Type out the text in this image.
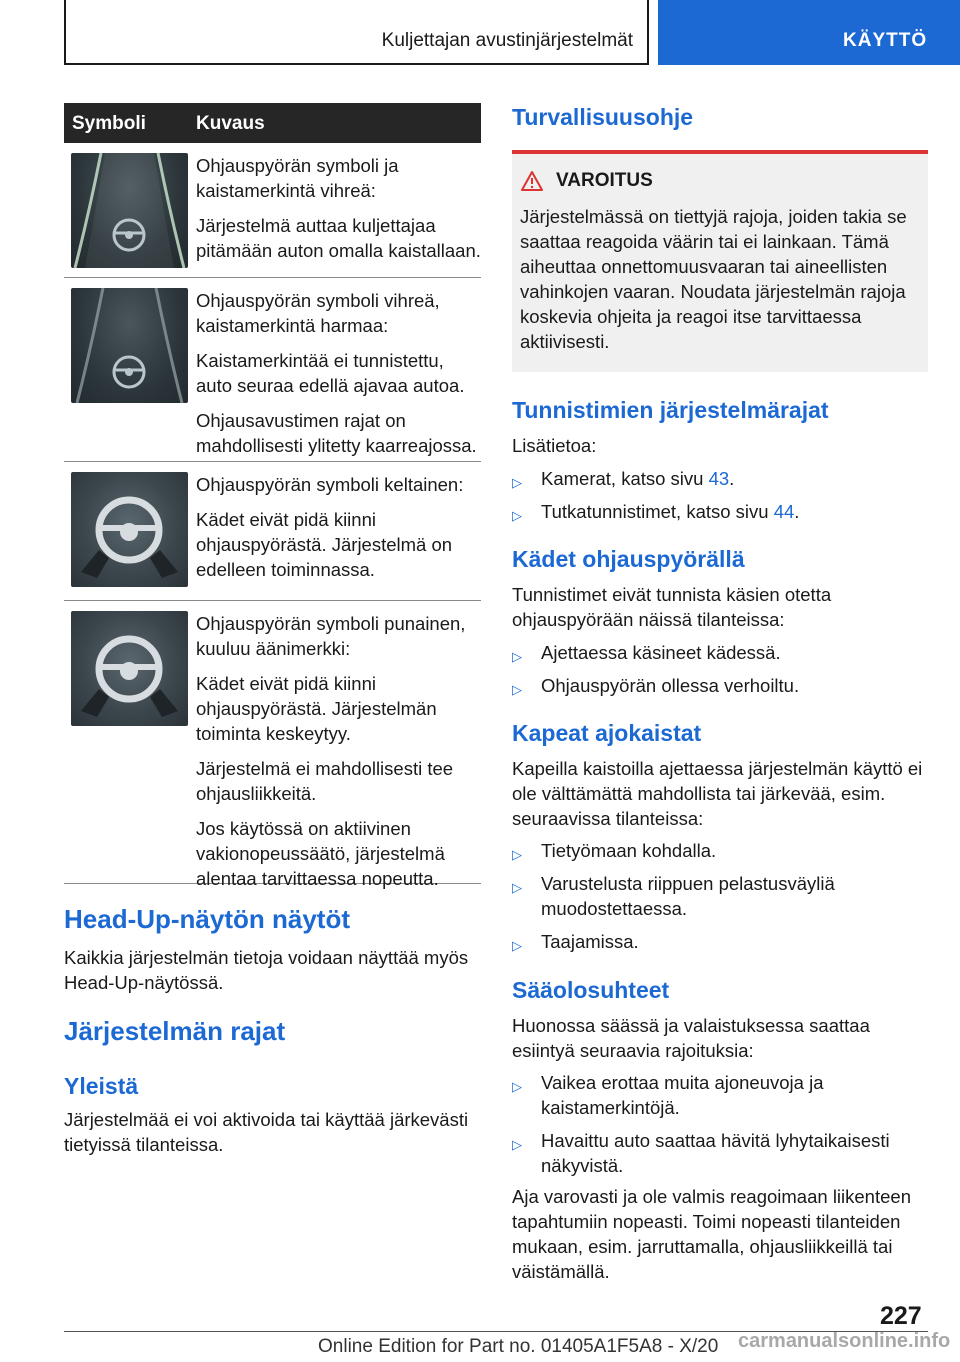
Kuljettajan avustinjärjestelmät	KÄYTTÖ
Symboli	Kuvaus

Ohjauspyörän symboli ja kaistamerkintä vihreä:

Järjestelmä auttaa kuljettajaa pitämään auton omalla kaistallaan.

Ohjauspyörän symboli vihreä, kaistamerkintä harmaa:

Kaistamerkintää ei tunnistettu, auto seuraa edellä ajavaa autoa.

Ohjausavustimen rajat on mahdollisesti ylitetty kaarreajossa.

Ohjauspyörän symboli keltainen:

Kädet eivät pidä kiinni ohjauspyörästä. Järjestelmä on edelleen toiminnassa.

Ohjauspyörän symboli punainen, kuuluu äänimerkki:

Kädet eivät pidä kiinni ohjauspyörästä. Järjestelmän toiminta keskeytyy.

Järjestelmä ei mahdollisesti tee ohjausliikkeitä.

Jos käytössä on aktiivinen vakionopeussäätö, järjestelmä alentaa tarvittaessa nopeutta.

Head-Up-näytön näytöt
Kaikkia järjestelmän tietoja voidaan näyttää myös Head-Up-näytössä.
Järjestelmän rajat
Yleistä
Järjestelmää ei voi aktivoida tai käyttää järkevästi tietyissä tilanteissa.
Turvallisuusohje
VAROITUS
Järjestelmässä on tiettyjä rajoja, joiden takia se saattaa reagoida väärin tai ei lainkaan. Tämä aiheuttaa onnettomuusvaaran tai aineellisten vahinkojen vaaran. Noudata järjestelmän rajoja koskevia ohjeita ja reagoi itse tarvittaessa aktiivisesti.
Tunnistimien järjestelmärajat
Lisätietoa:
▷ Kamerat, katso sivu 43.
▷ Tutkatunnistimet, katso sivu 44.
Kädet ohjauspyörällä
Tunnistimet eivät tunnista käsien otetta ohjauspyörään näissä tilanteissa:
▷ Ajettaessa käsineet kädessä.
▷ Ohjauspyörän ollessa verhoiltu.
Kapeat ajokaistat
Kapeilla kaistoilla ajettaessa järjestelmän käyttö ei ole välttämättä mahdollista tai järkevää, esim. seuraavissa tilanteissa:
▷ Tietyömaan kohdalla.
▷ Varustelusta riippuen pelastusväyliä muodostettaessa.
▷ Taajamissa.
Sääolosuhteet
Huonossa säässä ja valaistuksessa saattaa esiintyä seuraavia rajoituksia:
▷ Vaikea erottaa muita ajoneuvoja ja kaistamerkintöjä.
▷ Havaittu auto saattaa hävitä lyhytaikaisesti näkyvistä.
Aja varovasti ja ole valmis reagoimaan liikenteen tapahtumiin nopeasti. Toimi nopeasti tilanteiden mukaan, esim. jarruttamalla, ohjausliikkeillä tai väistämällä.
227
Online Edition for Part no. 01405A1F5A8 - X/20 carmanualsonline.info
